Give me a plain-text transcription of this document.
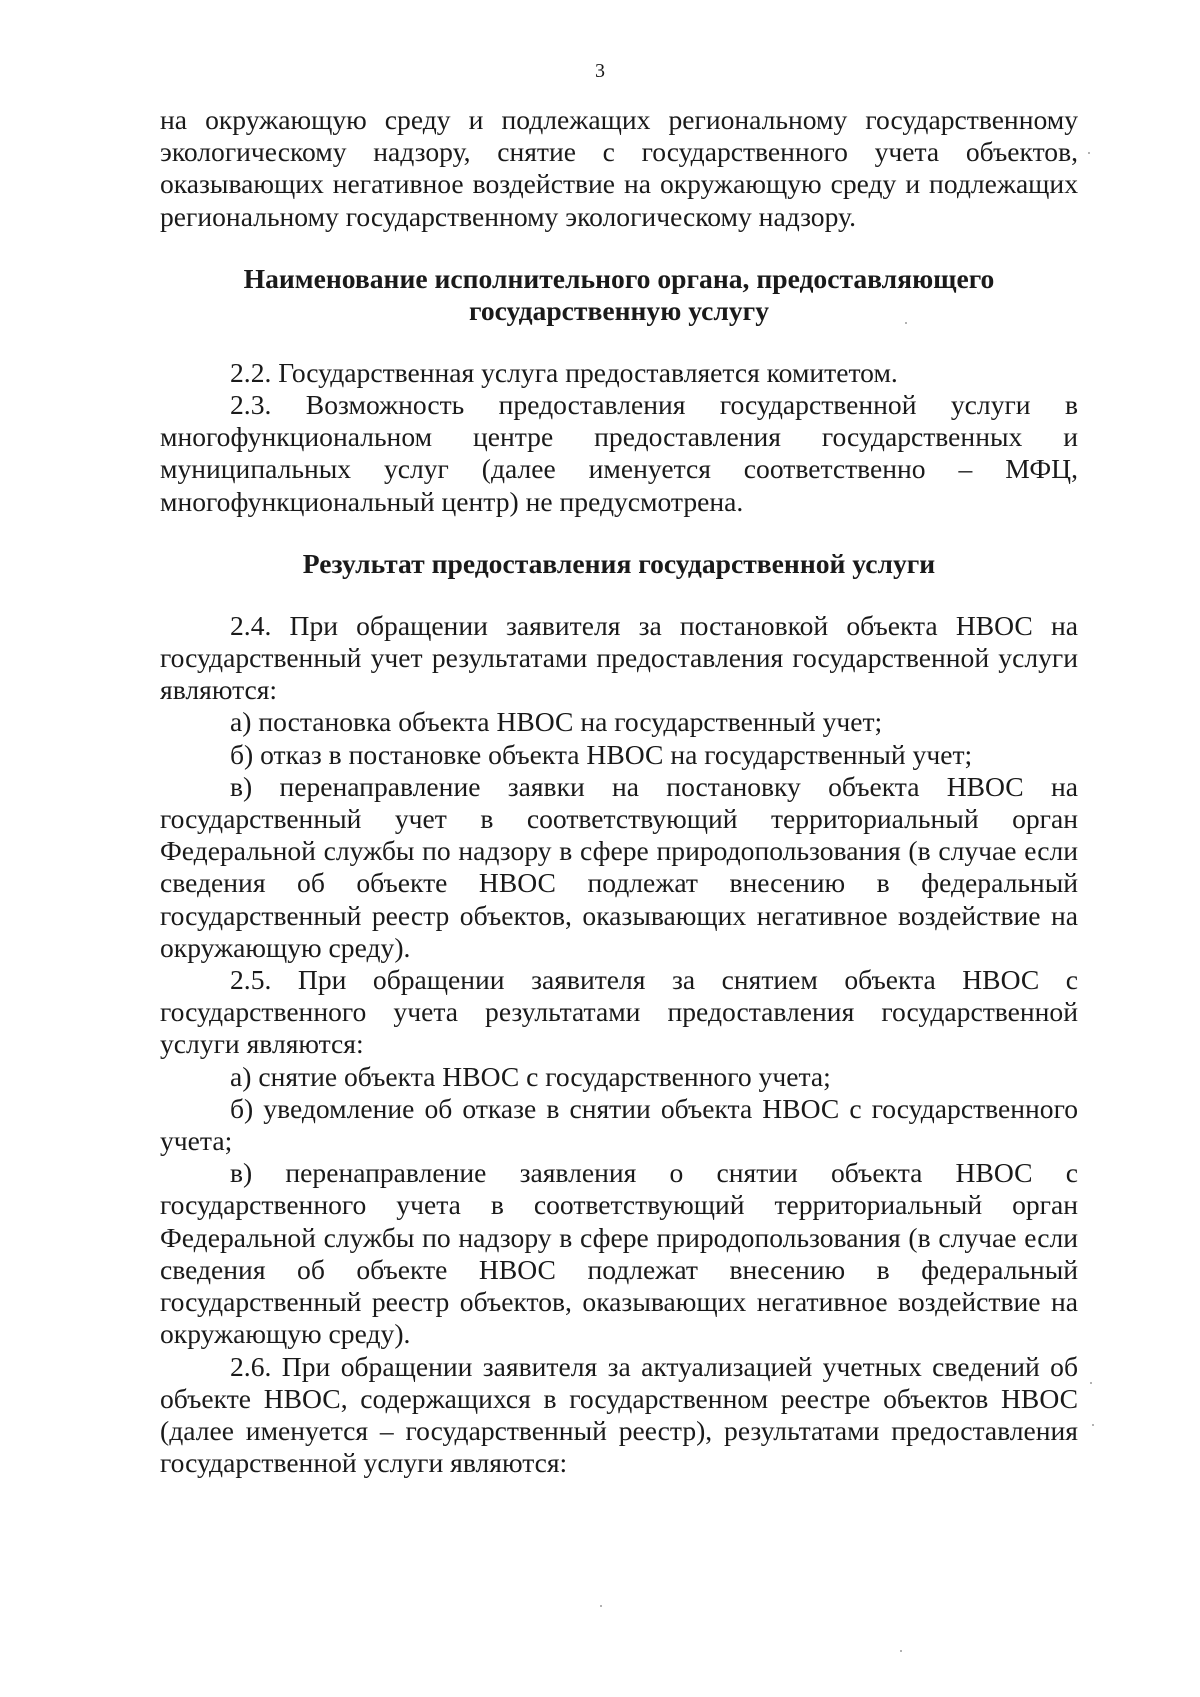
3

на окружающую среду и подлежащих региональному государственному экологическому надзору, снятие с государственного учета объектов, оказывающих негативное воздействие на окружающую среду и подлежащих региональному государственному экологическому надзору.

Наименование исполнительного органа, предоставляющего
государственную услугу

2.2. Государственная услуга предоставляется комитетом.

2.3. Возможность предоставления государственной услуги в многофункциональном центре предоставления государственных и муниципальных услуг (далее именуется соответственно – МФЦ, многофункциональный центр) не предусмотрена.

Результат предоставления государственной услуги

2.4. При обращении заявителя за постановкой объекта НВОС на государственный учет результатами предоставления государственной услуги являются:

а) постановка объекта НВОС на государственный учет;

б) отказ в постановке объекта НВОС на государственный учет;

в) перенаправление заявки на постановку объекта НВОС на государственный учет в соответствующий территориальный орган Федеральной службы по надзору в сфере природопользования (в случае если сведения об объекте НВОС подлежат внесению в федеральный государственный реестр объектов, оказывающих негативное воздействие на окружающую среду).

2.5. При обращении заявителя за снятием объекта НВОС с государственного учета результатами предоставления государственной услуги являются:

а) снятие объекта НВОС с государственного учета;

б) уведомление об отказе в снятии объекта НВОС с государственного учета;

в) перенаправление заявления о снятии объекта НВОС с государственного учета в соответствующий территориальный орган Федеральной службы по надзору в сфере природопользования (в случае если сведения об объекте НВОС подлежат внесению в федеральный государственный реестр объектов, оказывающих негативное воздействие на окружающую среду).

2.6. При обращении заявителя за актуализацией учетных сведений об объекте НВОС, содержащихся в государственном реестре объектов НВОС (далее именуется – государственный реестр), результатами предоставления государственной услуги являются:
